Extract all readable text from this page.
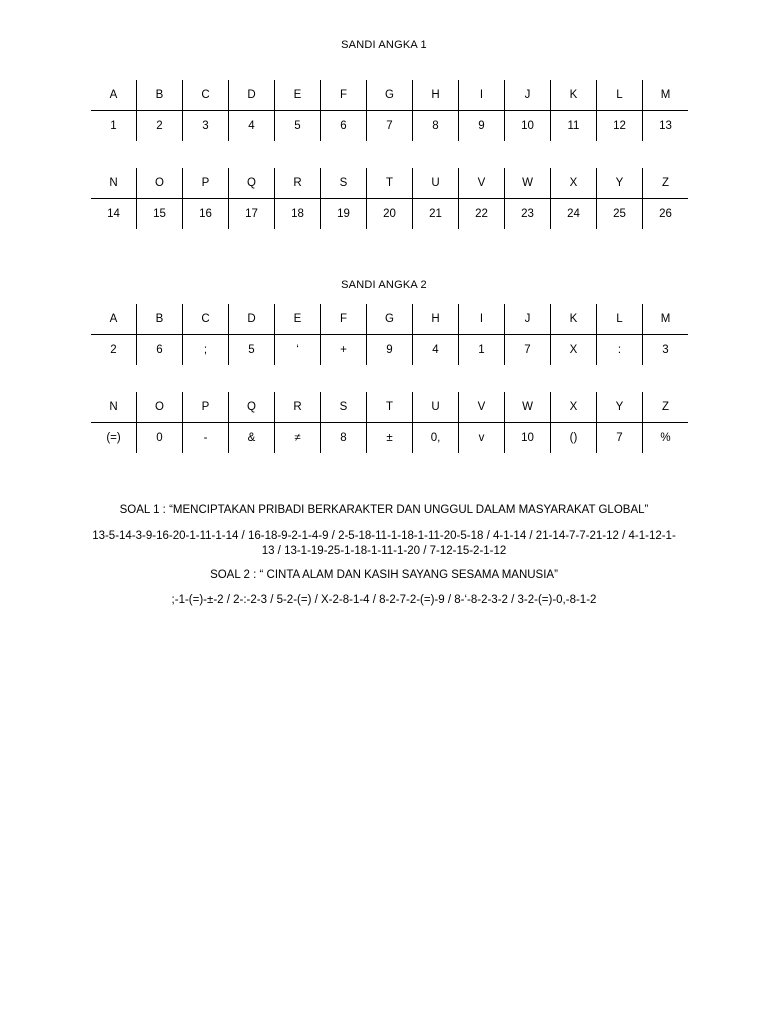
SANDI ANGKA 1
A	B	C	D	E	F	G	H	I	J	K	L	M
1	2	3	4	5	6	7	8	9	10	11	12	13
N	O	P	Q	R	S	T	U	V	W	X	Y	Z
14	15	16	17	18	19	20	21	22	23	24	25	26
SANDI ANGKA 2
A	B	C	D	E	F	G	H	I	J	K	L	M
2	6	;	5	‘	+	9	4	1	7	X	:	3
N	O	P	Q	R	S	T	U	V	W	X	Y	Z
(=)	0	-	&	≠	8	±	0,	v	10	()	7	%
SOAL 1 : “MENCIPTAKAN PRIBADI BERKARAKTER DAN UNGGUL DALAM MASYARAKAT GLOBAL”
13-5-14-3-9-16-20-1-11-1-14 / 16-18-9-2-1-4-9 / 2-5-18-11-1-18-1-11-20-5-18 / 4-1-14 / 21-14-7-7-21-12 / 4-1-12-1-13 / 13-1-19-25-1-18-1-11-1-20 / 7-12-15-2-1-12
SOAL 2 : “ CINTA ALAM DAN KASIH SAYANG SESAMA MANUSIA”
;-1-(=)-±-2 / 2-:-2-3 / 5-2-(=) / X-2-8-1-4 / 8-2-7-2-(=)-9 / 8-‘-8-2-3-2 / 3-2-(=)-0,-8-1-2
